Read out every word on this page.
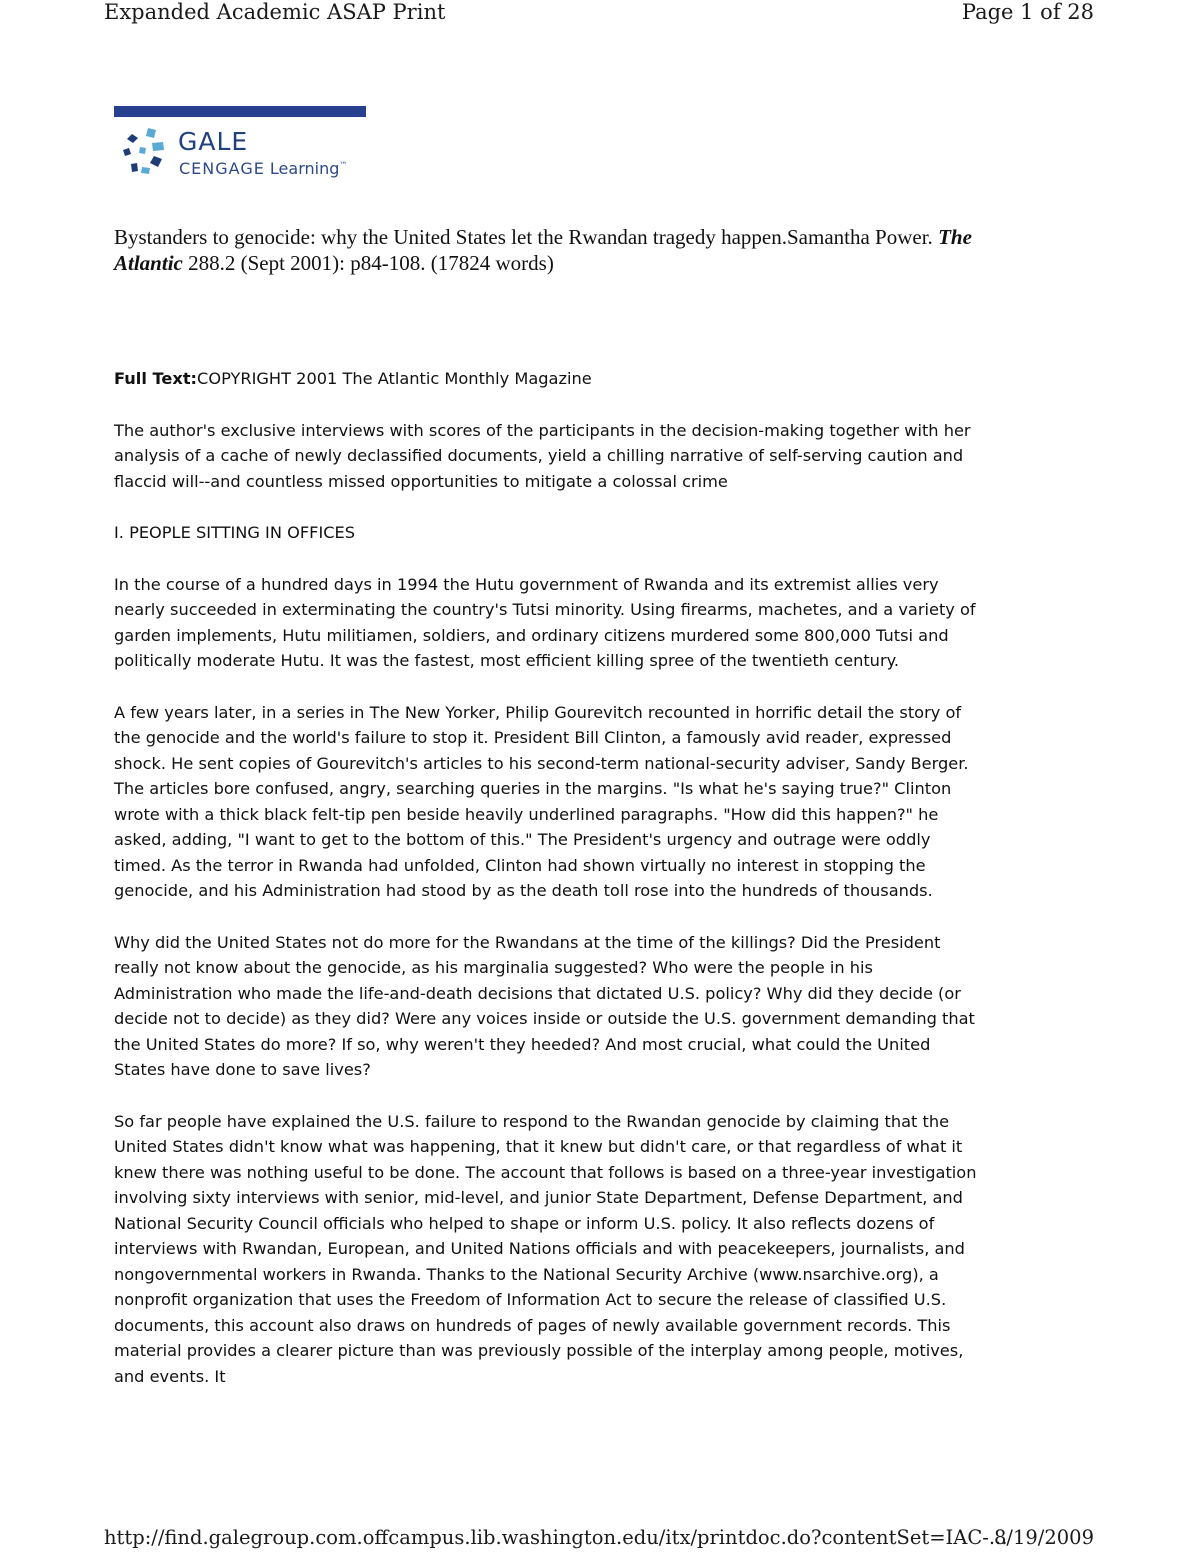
Expanded Academic ASAP Print	Page 1 of 28
GALE
CENGAGE Learning™
Bystanders to genocide: why the United States let the Rwandan tragedy happen.Samantha Power. The Atlantic 288.2 (Sept 2001): p84-108. (17824 words)

Full Text:COPYRIGHT 2001 The Atlantic Monthly Magazine

The author's exclusive interviews with scores of the participants in the decision-making together with her analysis of a cache of newly declassified documents, yield a chilling narrative of self-serving caution and flaccid will--and countless missed opportunities to mitigate a colossal crime

I. PEOPLE SITTING IN OFFICES

In the course of a hundred days in 1994 the Hutu government of Rwanda and its extremist allies very nearly succeeded in exterminating the country's Tutsi minority. Using firearms, machetes, and a variety of garden implements, Hutu militiamen, soldiers, and ordinary citizens murdered some 800,000 Tutsi and politically moderate Hutu. It was the fastest, most efficient killing spree of the twentieth century.

A few years later, in a series in The New Yorker, Philip Gourevitch recounted in horrific detail the story of the genocide and the world's failure to stop it. President Bill Clinton, a famously avid reader, expressed shock. He sent copies of Gourevitch's articles to his second-term national-security adviser, Sandy Berger. The articles bore confused, angry, searching queries in the margins. "Is what he's saying true?" Clinton wrote with a thick black felt-tip pen beside heavily underlined paragraphs. "How did this happen?" he asked, adding, "I want to get to the bottom of this." The President's urgency and outrage were oddly timed. As the terror in Rwanda had unfolded, Clinton had shown virtually no interest in stopping the genocide, and his Administration had stood by as the death toll rose into the hundreds of thousands.

Why did the United States not do more for the Rwandans at the time of the killings? Did the President really not know about the genocide, as his marginalia suggested? Who were the people in his Administration who made the life-and-death decisions that dictated U.S. policy? Why did they decide (or decide not to decide) as they did? Were any voices inside or outside the U.S. government demanding that the United States do more? If so, why weren't they heeded? And most crucial, what could the United States have done to save lives?

So far people have explained the U.S. failure to respond to the Rwandan genocide by claiming that the United States didn't know what was happening, that it knew but didn't care, or that regardless of what it knew there was nothing useful to be done. The account that follows is based on a three-year investigation involving sixty interviews with senior, mid-level, and junior State Department, Defense Department, and National Security Council officials who helped to shape or inform U.S. policy. It also reflects dozens of interviews with Rwandan, European, and United Nations officials and with peacekeepers, journalists, and nongovernmental workers in Rwanda. Thanks to the National Security Archive (www.nsarchive.org), a nonprofit organization that uses the Freedom of Information Act to secure the release of classified U.S. documents, this account also draws on hundreds of pages of newly available government records. This material provides a clearer picture than was previously possible of the interplay among people, motives, and events. It

http://find.galegroup.com.offcampus.lib.washington.edu/itx/printdoc.do?contentSet=IAC-...
8/19/2009
